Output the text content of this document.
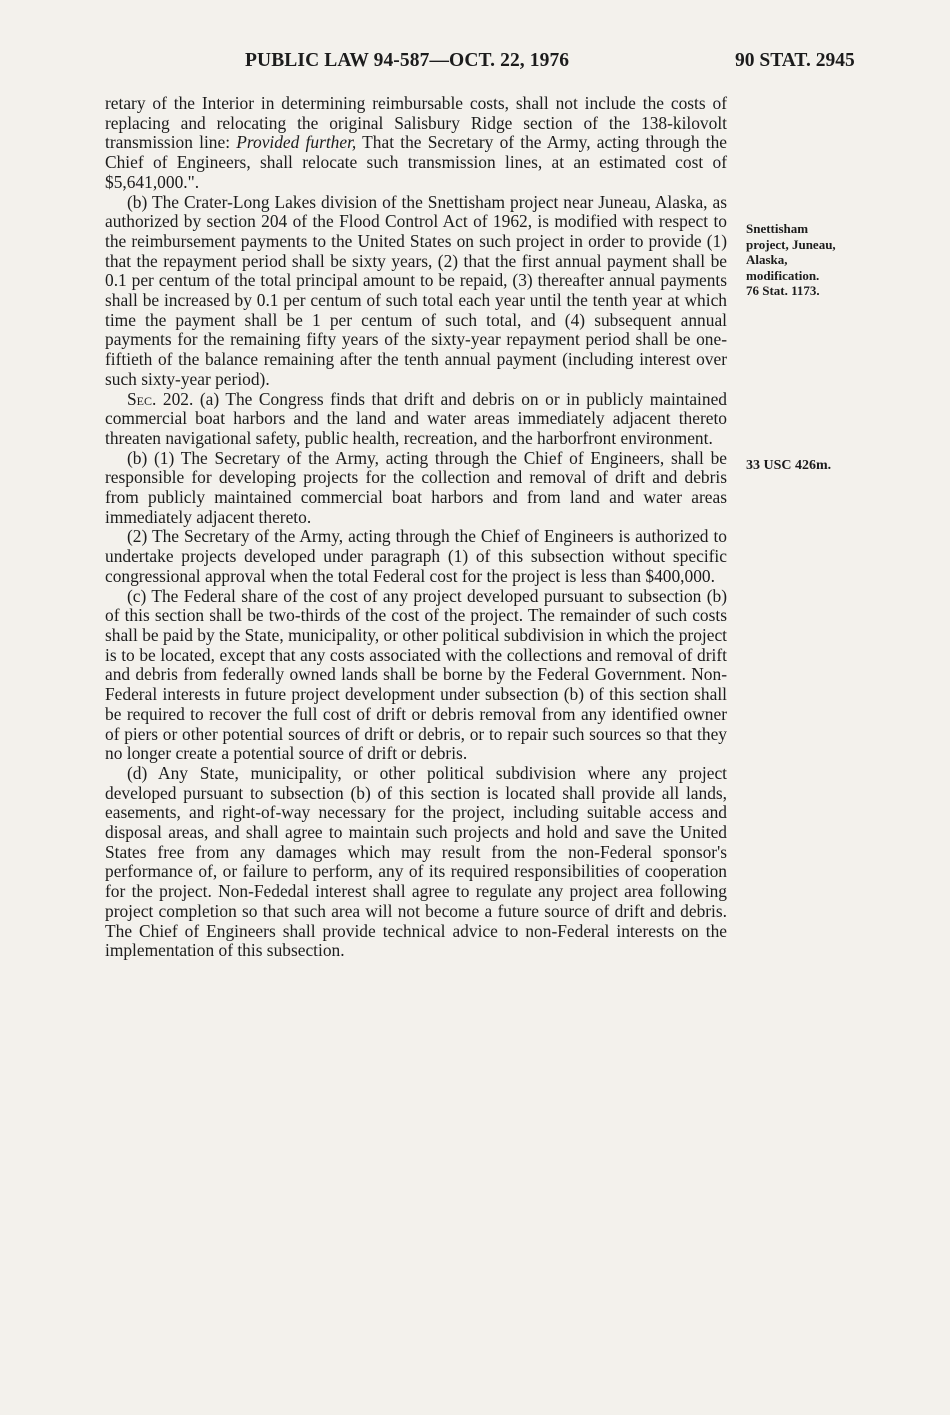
PUBLIC LAW 94-587—OCT. 22, 1976	90 STAT. 2945

retary of the Interior in determining reimbursable costs, shall not include the costs of replacing and relocating the original Salisbury Ridge section of the 138-kilovolt transmission line: Provided further, That the Secretary of the Army, acting through the Chief of Engineers, shall relocate such transmission lines, at an estimated cost of $5,641,000.".

(b) The Crater-Long Lakes division of the Snettisham project near Juneau, Alaska, as authorized by section 204 of the Flood Control Act of 1962, is modified with respect to the reimbursement payments to the United States on such project in order to provide (1) that the repayment period shall be sixty years, (2) that the first annual payment shall be 0.1 per centum of the total principal amount to be repaid, (3) thereafter annual payments shall be increased by 0.1 per centum of such total each year until the tenth year at which time the payment shall be 1 per centum of such total, and (4) subsequent annual payments for the remaining fifty years of the sixty-year repayment period shall be one-fiftieth of the balance remaining after the tenth annual payment (including interest over such sixty-year period).

Sec. 202. (a) The Congress finds that drift and debris on or in publicly maintained commercial boat harbors and the land and water areas immediately adjacent thereto threaten navigational safety, public health, recreation, and the harborfront environment.

(b) (1) The Secretary of the Army, acting through the Chief of Engineers, shall be responsible for developing projects for the collection and removal of drift and debris from publicly maintained commercial boat harbors and from land and water areas immediately adjacent thereto.

(2) The Secretary of the Army, acting through the Chief of Engineers is authorized to undertake projects developed under paragraph (1) of this subsection without specific congressional approval when the total Federal cost for the project is less than $400,000.

(c) The Federal share of the cost of any project developed pursuant to subsection (b) of this section shall be two-thirds of the cost of the project. The remainder of such costs shall be paid by the State, municipality, or other political subdivision in which the project is to be located, except that any costs associated with the collections and removal of drift and debris from federally owned lands shall be borne by the Federal Government. Non-Federal interests in future project development under subsection (b) of this section shall be required to recover the full cost of drift or debris removal from any identified owner of piers or other potential sources of drift or debris, or to repair such sources so that they no longer create a potential source of drift or debris.

(d) Any State, municipality, or other political subdivision where any project developed pursuant to subsection (b) of this section is located shall provide all lands, easements, and right-of-way necessary for the project, including suitable access and disposal areas, and shall agree to maintain such projects and hold and save the United States free from any damages which may result from the non-Federal sponsor's performance of, or failure to perform, any of its required responsibilities of cooperation for the project. Non-Fededal interest shall agree to regulate any project area following project completion so that such area will not become a future source of drift and debris. The Chief of Engineers shall provide technical advice to non-Federal interests on the implementation of this subsection.

Snettisham
project, Juneau,
Alaska,
modification.
76 Stat. 1173.
33 USC 426m.
